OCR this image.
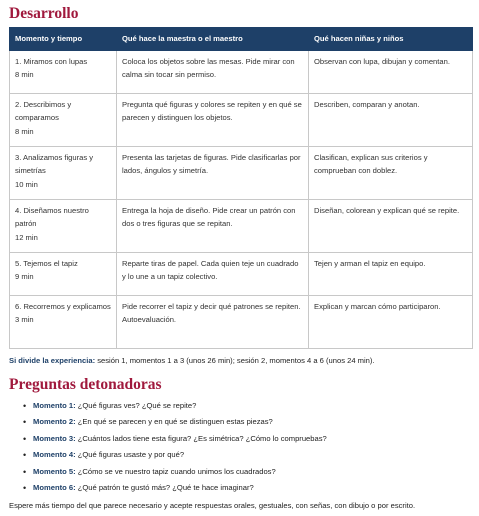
Desarrollo
Momento y tiempo	Qué hace la maestra o el maestro	Qué hacen niñas y niños
1. Miramos con lupas
8 min	Coloca los objetos sobre las mesas. Pide mirar con calma sin tocar sin permiso.	Observan con lupa, dibujan y comentan.
2. Describimos y comparamos
8 min	Pregunta qué figuras y colores se repiten y en qué se parecen y distinguen los objetos.	Describen, comparan y anotan.
3. Analizamos figuras y simetrías
10 min	Presenta las tarjetas de figuras. Pide clasificarlas por lados, ángulos y simetría.	Clasifican, explican sus criterios y comprueban con doblez.
4. Diseñamos nuestro patrón
12 min	Entrega la hoja de diseño. Pide crear un patrón con dos o tres figuras que se repitan.	Diseñan, colorean y explican qué se repite.
5. Tejemos el tapiz
9 min	Reparte tiras de papel. Cada quien teje un cuadrado y lo une a un tapiz colectivo.	Tejen y arman el tapiz en equipo.
6. Recorremos y explicamos
3 min	Pide recorrer el tapiz y decir qué patrones se repiten. Autoevaluación.	Explican y marcan cómo participaron.

Si divide la experiencia: sesión 1, momentos 1 a 3 (unos 26 min); sesión 2, momentos 4 a 6 (unos 24 min).

Preguntas detonadoras
• Momento 1: ¿Qué figuras ves? ¿Qué se repite?
• Momento 2: ¿En qué se parecen y en qué se distinguen estas piezas?
• Momento 3: ¿Cuántos lados tiene esta figura? ¿Es simétrica? ¿Cómo lo compruebas?
• Momento 4: ¿Qué figuras usaste y por qué?
• Momento 5: ¿Cómo se ve nuestro tapiz cuando unimos los cuadrados?
• Momento 6: ¿Qué patrón te gustó más? ¿Qué te hace imaginar?

Espere más tiempo del que parece necesario y acepte respuestas orales, gestuales, con señas, con dibujo o por escrito.
